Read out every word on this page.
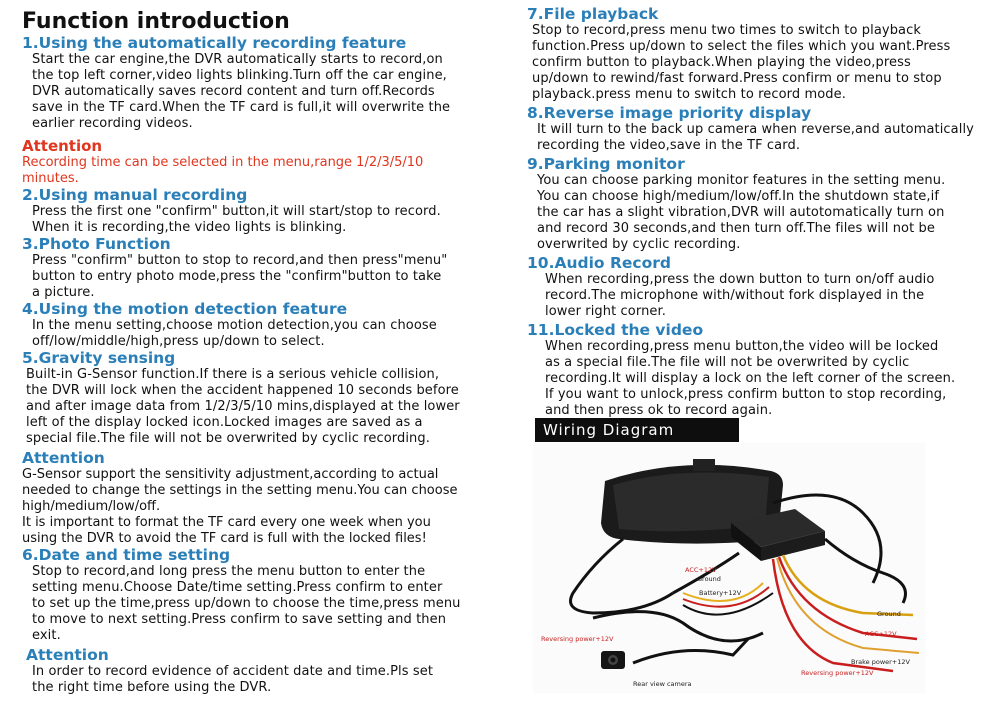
Function introduction
1.Using the automatically recording feature

Start the car engine,the DVR automatically starts to record,on
the top left corner,video lights blinking.Turn off the car engine,
DVR automatically saves record content and turn off.Records
save in the TF card.When the TF card is full,it will overwrite the
earlier recording videos.

Attention

Recording time can be selected in the menu,range 1/2/3/5/10
minutes.

2.Using manual recording

Press the first one "confirm" button,it will start/stop to record.
When it is recording,the video lights is blinking.

3.Photo Function

Press "confirm" button to stop to record,and then press"menu"
button to entry photo mode,press the "confirm"button to take
a picture.

4.Using the motion detection feature

In the menu setting,choose motion detection,you can choose
off/low/middle/high,press up/down to select.

5.Gravity sensing

Built-in G-Sensor function.If there is a serious vehicle collision,
the DVR will lock when the accident happened 10 seconds before
and after image data from 1/2/3/5/10 mins,displayed at the lower
left of the display locked icon.Locked images are saved as a
special file.The file will not be overwrited by cyclic recording.

Attention

G-Sensor support the sensitivity adjustment,according to actual
needed to change the settings in the setting menu.You can choose
high/medium/low/off.
It is important to format the TF card every one week when you
using the DVR to avoid the TF card is full with the locked files!

6.Date and time setting

Stop to record,and long press the menu button to enter the
setting menu.Choose Date/time setting.Press confirm to enter
to set up the time,press up/down to choose the time,press menu
to move to next setting.Press confirm to save setting and then
exit.

Attention

In order to record evidence of accident date and time.Pls set
the right time before using the DVR.

7.File playback

Stop to record,press menu two times to switch to playback
function.Press up/down to select the files which you want.Press
confirm button to playback.When playing the video,press
up/down to rewind/fast forward.Press confirm or menu to stop
playback.press menu to switch to record mode.

8.Reverse image priority display

It will turn to the back up camera when reverse,and automatically
recording the video,save in the TF card.

9.Parking monitor

You can choose parking monitor features in the setting menu.
You can choose high/medium/low/off.In the shutdown state,if
the car has a slight vibration,DVR will autotomatically turn on
and record 30 seconds,and then turn off.The files will not be
overwrited by cyclic recording.

10.Audio Record

When recording,press the down button to turn on/off audio
record.The microphone with/without fork displayed in the
lower right corner.

11.Locked the video

When recording,press menu button,the video will be locked
as a special file.The file will not be overwrited by cyclic
recording.It will display a lock on the left corner of the screen.
If you want to unlock,press confirm button to stop recording,
and then press ok to record again.

Wiring Diagram
ACC+12V
Ground
Battery+12V
Ground
ACC+12V
Reversing power+12V
Brake power+12V
Reversing power+12V
Rear view camera
